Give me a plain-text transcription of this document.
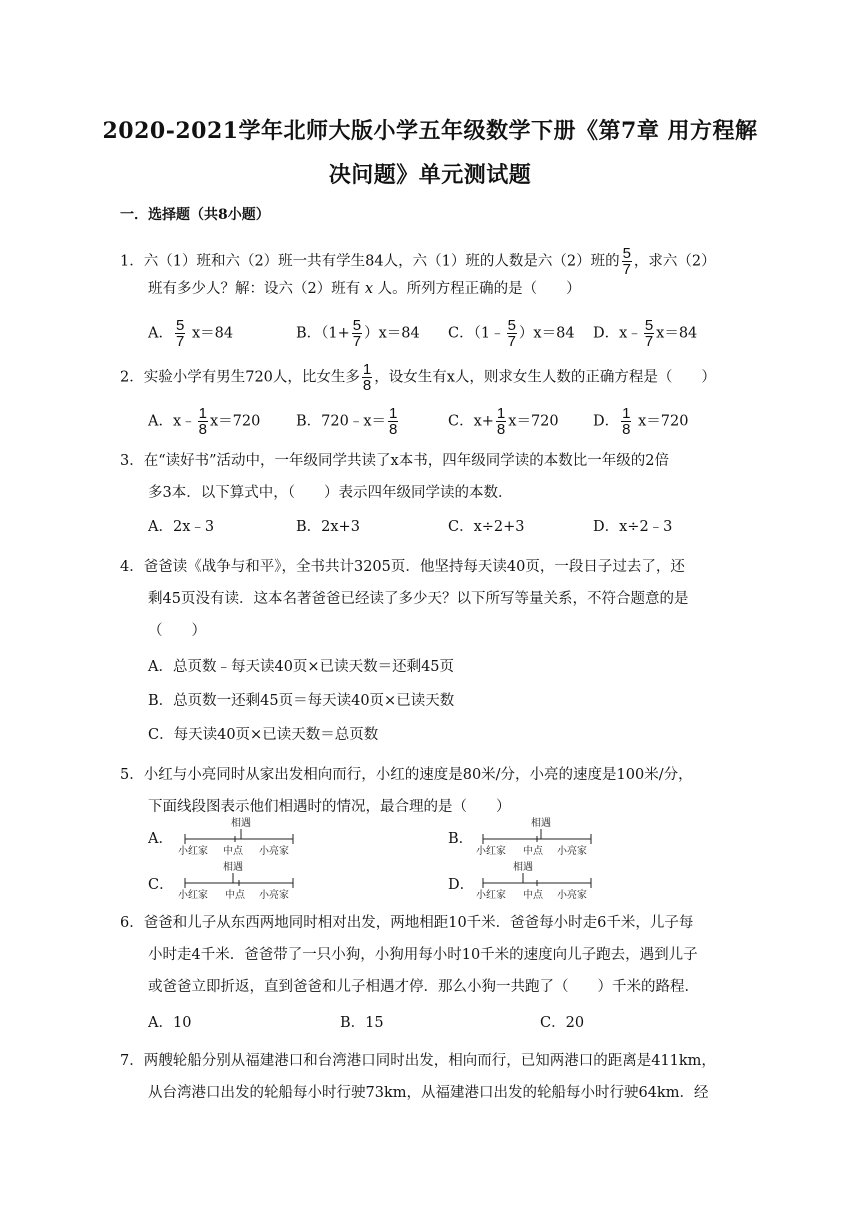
2020-2021学年北师大版小学五年级数学下册《第7章 用方程解
决问题》单元测试题
一．选择题（共8小题）
1．六（1）班和六（2）班一共有学生84人，六（1）班的人数是六（2）班的 $\frac{5}{7}$ ，求六（2）
班有多少人？解：设六（2）班有 x 人。所列方程正确的是（　　）
A． $\frac{5}{7} x=84$	B．$(1+ \frac{5}{7} )x=84$ C．（1﹣ $\frac{5}{7} )x=84$ D．x﹣ $\frac{5}{7} x=84$
2．实验小学有男生720人，比女生多 $\frac{1}{8}$ ，设女生有x人，则求女生人数的正确方程是（　　）
A．x﹣ $\frac{1}{8} x=720$ B．720﹣x＝ $\frac{1}{8}$	C．$x+ \frac{1}{8} x=720$ D． $\frac{1}{8} x=720$
3．在“读好书”活动中，一年级同学共读了x本书，四年级同学读的本数比一年级的2倍
多3本．以下算式中，（　　）表示四年级同学读的本数．
A．2x﹣3	B．2x+3	C．x÷2+3	D．x÷2﹣3
4．爸爸读《战争与和平》，全书共计3205页．他坚持每天读40页，一段日子过去了，还
剩45页没有读．这本名著爸爸已经读了多少天？以下所写等量关系，不符合题意的是
（　　）
A．总页数﹣每天读40页×已读天数＝还剩45页
B．总页数一还剩45页＝每天读40页×已读天数
C．每天读40页×已读天数＝总页数
5．小红与小亮同时从家出发相向而行，小红的速度是80米/分，小亮的速度是100米/分，
下面线段图表示他们相遇时的情况，最合理的是（　　）
A．
相遇
小红家 中点 小亮家
B．
相遇
小红家 中点 小亮家
C．
相遇
小红家 中点 小亮家
D．
相遇
小红家 中点 小亮家
6．爸爸和儿子从东西两地同时相对出发，两地相距10千米．爸爸每小时走6千米，儿子每
小时走4千米．爸爸带了一只小狗，小狗用每小时10千米的速度向儿子跑去，遇到儿子
或爸爸立即折返，直到爸爸和儿子相遇才停．那么小狗一共跑了（　　）千米的路程．
A．10	B．15	C．20
7．两艘轮船分别从福建港口和台湾港口同时出发，相向而行，已知两港口的距离是411km，
从台湾港口出发的轮船每小时行驶73km，从福建港口出发的轮船每小时行驶64km．经
